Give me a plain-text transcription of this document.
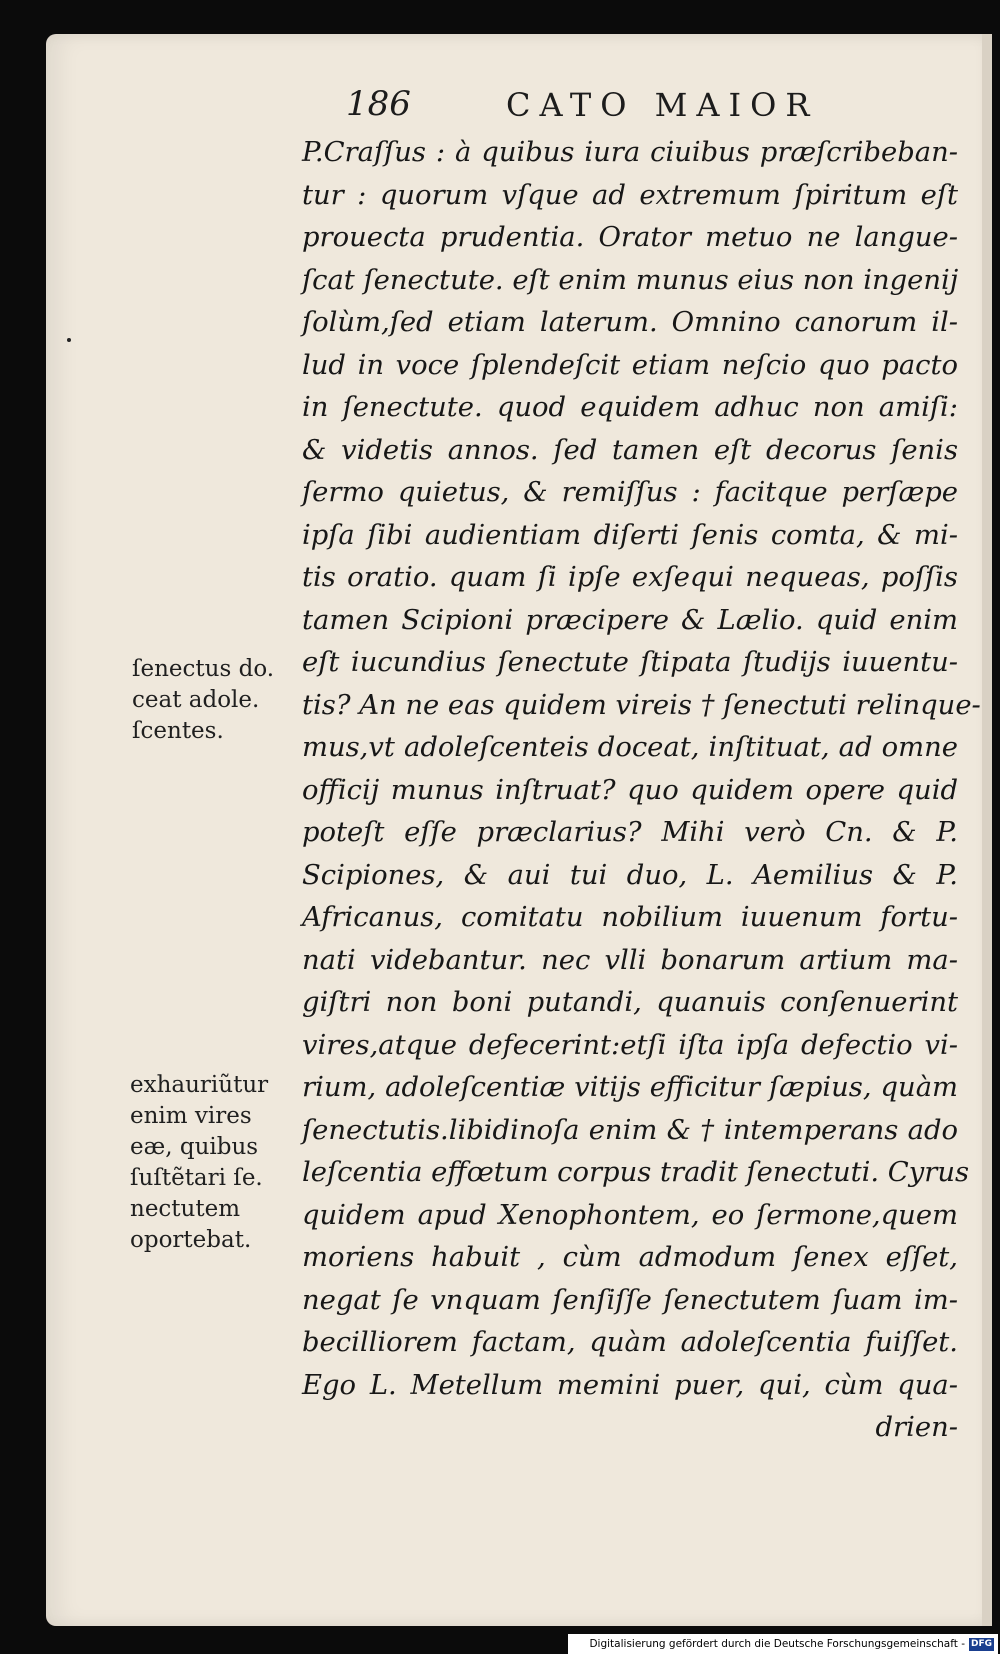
186	CATO MAIOR
P.Craſſus : à quibus iura ciuibus præſcribeban-
tur : quorum vſque ad extremum ſpiritum eſt
prouecta prudentia. Orator metuo ne langue-
ſcat ſenectute. eſt enim munus eius non ingenij
ſolùm,ſed etiam laterum. Omnino canorum il-
lud in voce ſplendeſcit etiam neſcio quo pacto
in ſenectute. quod equidem adhuc non amiſi:
& videtis annos. ſed tamen eſt decorus ſenis
ſermo quietus, & remiſſus : facitque perſæpe
ipſa ſibi audientiam diſerti ſenis comta, & mi-
tis oratio. quam ſi ipſe exſequi nequeas, poſſis
tamen Scipioni præcipere & Lælio. quid enim
eſt iucundius ſenectute ſtipata ſtudijs iuuentu-
tis? An ne eas quidem vireis † ſenectuti relinque-
mus,vt adoleſcenteis doceat, inſtituat, ad omne
officij munus inſtruat? quo quidem opere quid
poteſt eſſe præclarius? Mihi verò Cn. & P.
Scipiones, & aui tui duo, L. Aemilius & P.
Africanus, comitatu nobilium iuuenum fortu-
nati videbantur. nec vlli bonarum artium ma-
giſtri non boni putandi, quanuis conſenuerint
vires,atque defecerint:etſi iſta ipſa defectio vi-
rium, adoleſcentiæ vitijs efficitur ſæpius, quàm
ſenectutis.libidinoſa enim & † intemperans ado
leſcentia effœtum corpus tradit ſenectuti. Cyrus
quidem apud Xenophontem, eo ſermone,quem
moriens habuit , cùm admodum ſenex eſſet,
negat ſe vnquam ſenſiſſe ſenectutem ſuam im-
becilliorem factam, quàm adoleſcentia fuiſſet.
Ego L. Metellum memini puer, qui, cùm qua-
drien-
ſenectus do.
ceat adole.
ſcentes.
exhauriũtur
enim vires
eæ, quibus
ſuſtẽtari ſe.
nectutem
oportebat.
Digitalisierung gefördert durch die Deutsche Forschungsgemeinschaft - DFG
